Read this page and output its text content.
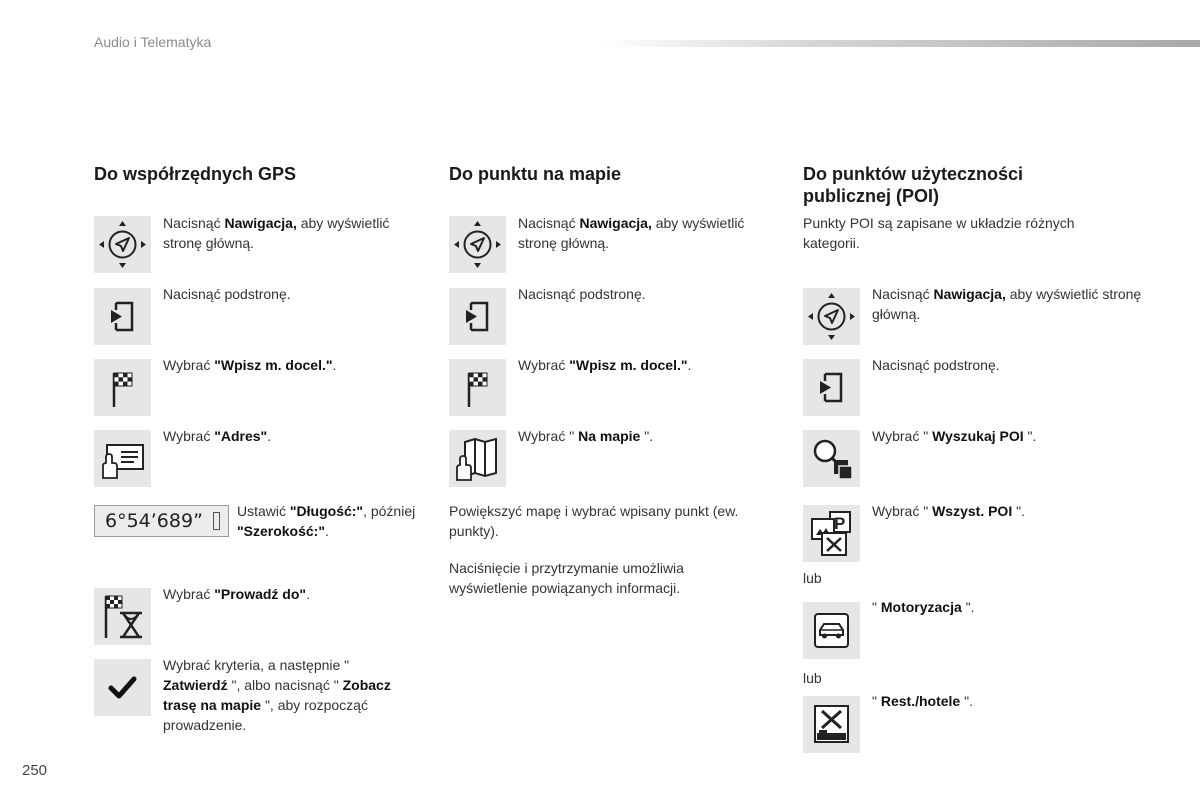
Audio i Telematyka
Do współrzędnych GPS
Nacisnąć Nawigacja, aby wyświetlić stronę główną.
Nacisnąć podstronę.
Wybrać "Wpisz m. docel.".
Wybrać "Adres".
6°54’689”	Ustawić "Długość:", później "Szerokość:".
Wybrać "Prowadź do".
Wybrać kryteria, a następnie " Zatwierdź ", albo nacisnąć " Zobacz trasę na mapie ", aby rozpocząć prowadzenie.
Do punktu na mapie
Nacisnąć Nawigacja, aby wyświetlić stronę główną.
Nacisnąć podstronę.
Wybrać "Wpisz m. docel.".
Wybrać " Na mapie ".
Powiększyć mapę i wybrać wpisany punkt (ew. punkty).
Naciśnięcie i przytrzymanie umożliwia wyświetlenie powiązanych informacji.
Do punktów użyteczności publicznej (POI)
Punkty POI są zapisane w układzie różnych kategorii.
Nacisnąć Nawigacja, aby wyświetlić stronę główną.
Nacisnąć podstronę.
Wybrać " Wyszukaj POI ".
Wybrać " Wszyst. POI ".
lub
" Motoryzacja ".
lub
" Rest./hotele ".
250
